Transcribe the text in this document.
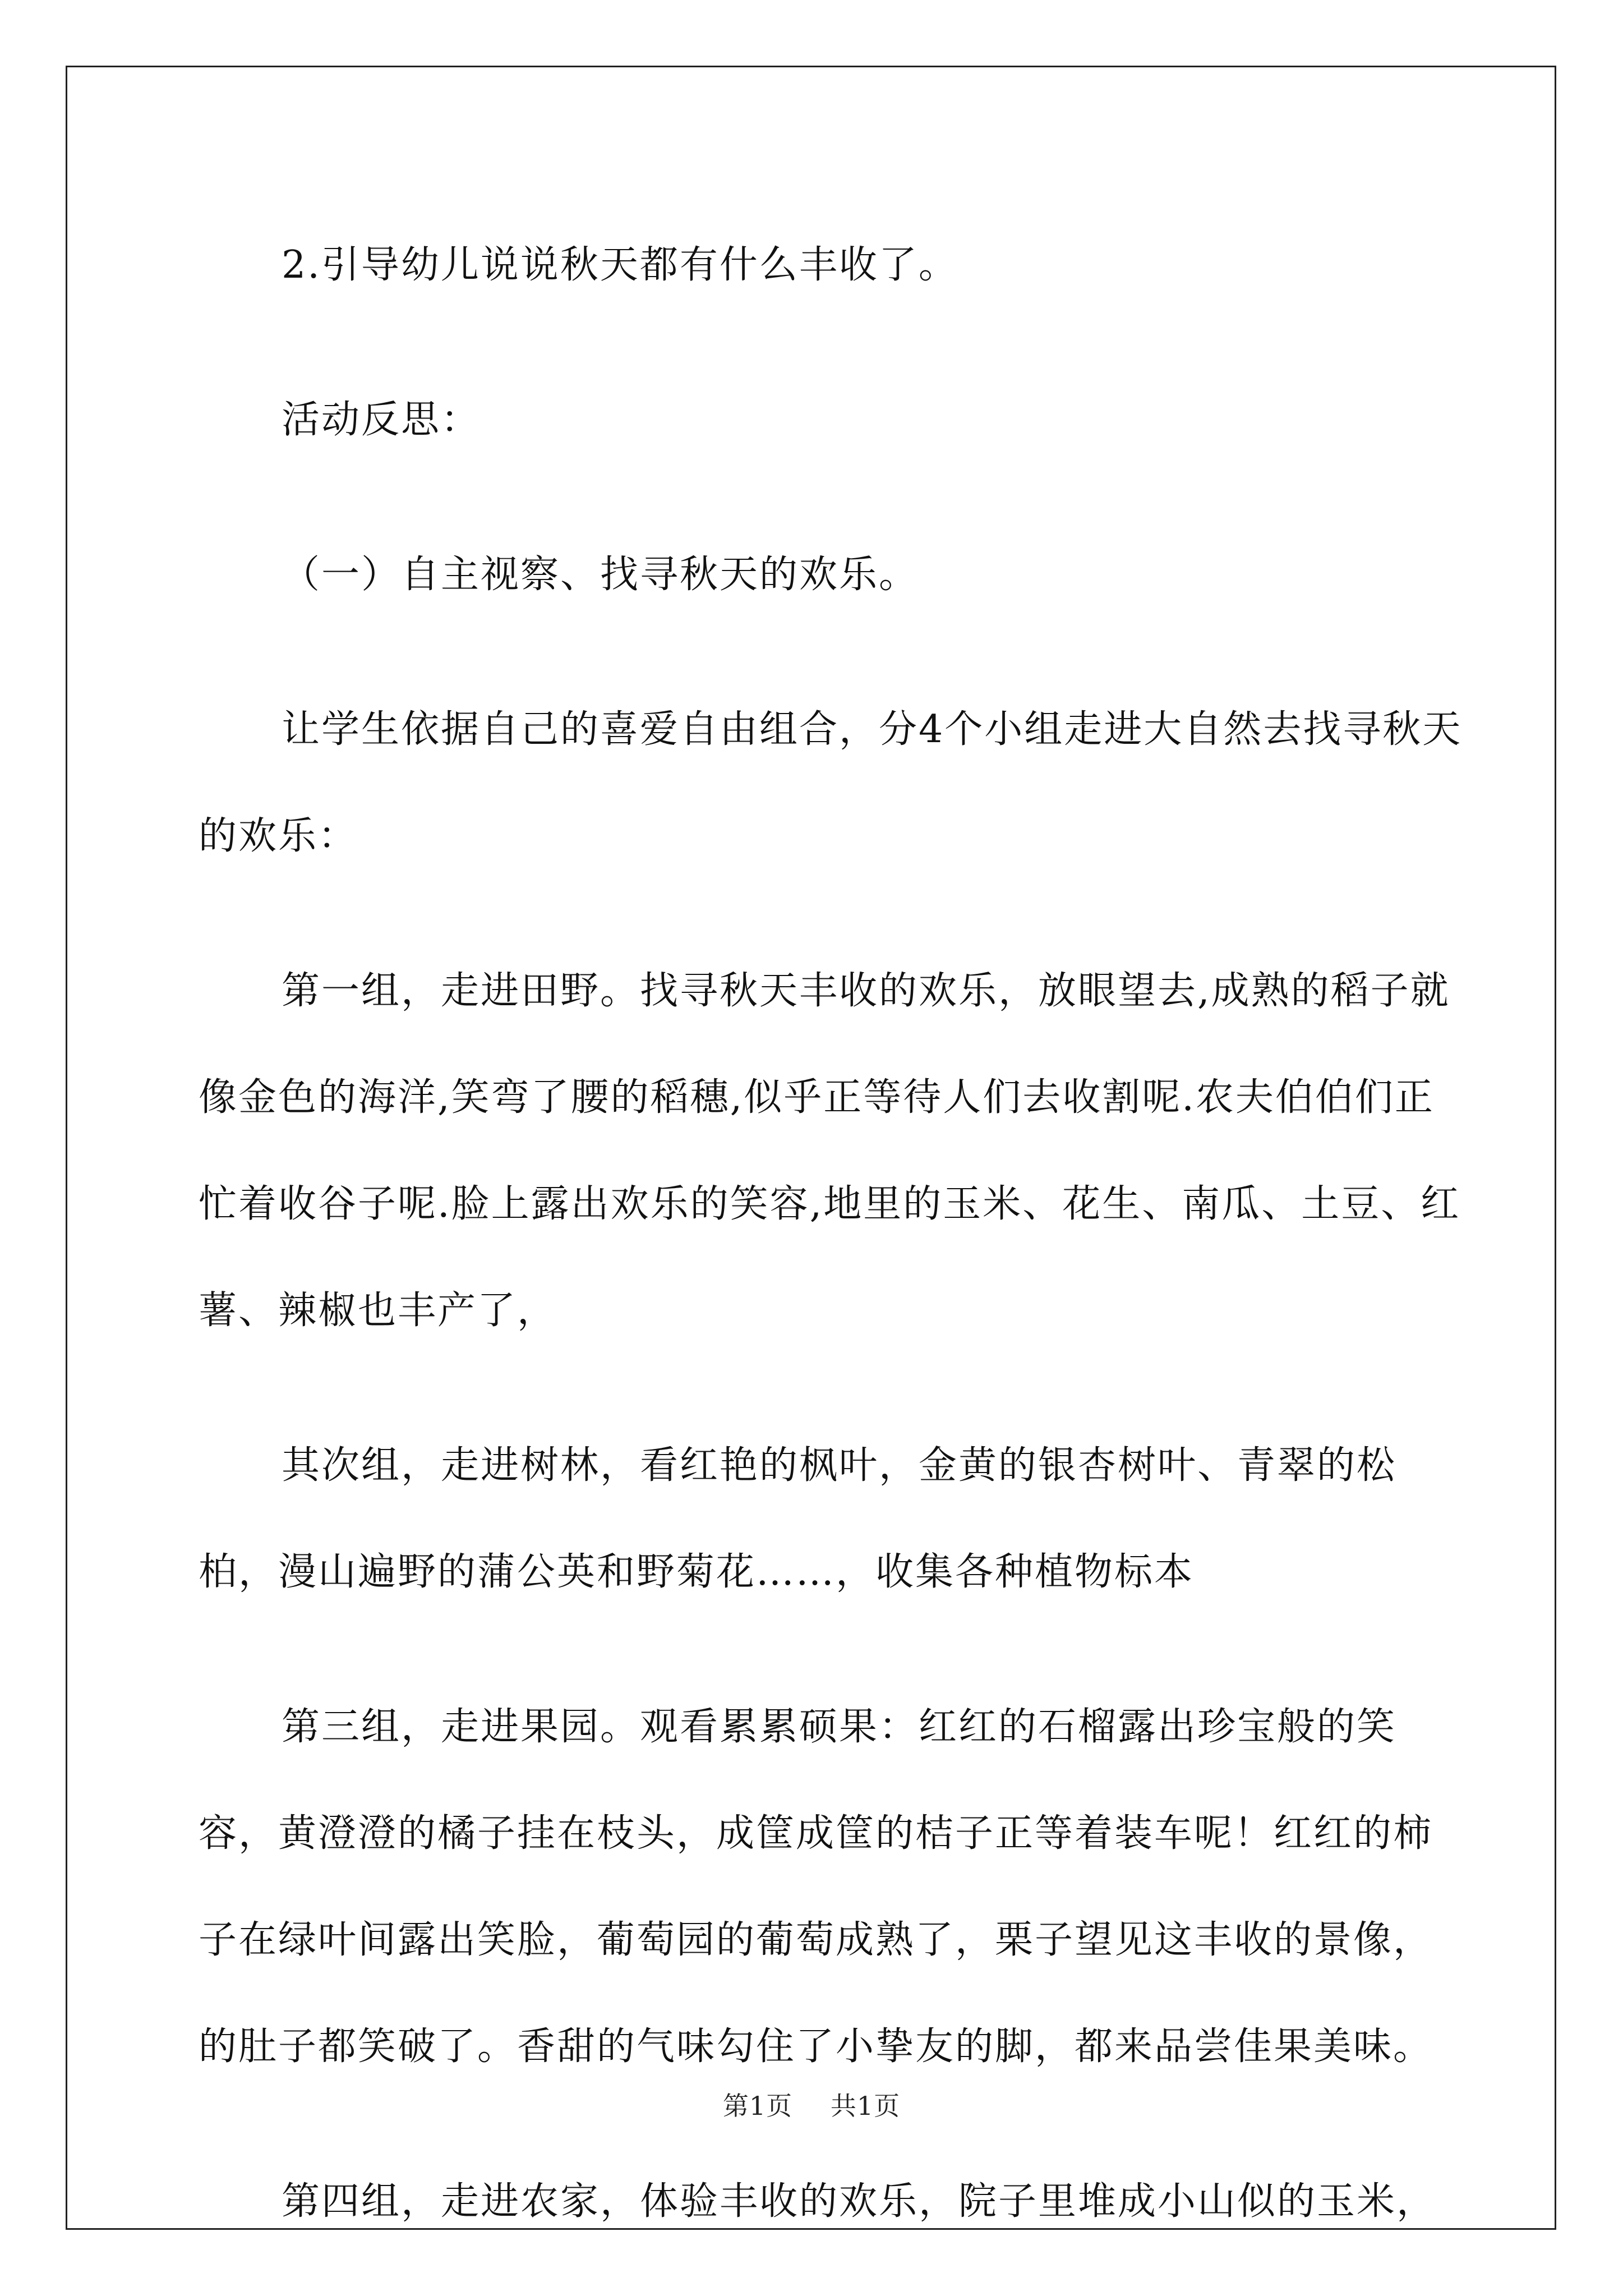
2.引导幼儿说说秋天都有什么丰收了。

活动反思：

（一）自主视察、找寻秋天的欢乐。

让学生依据自己的喜爱自由组合，分4个小组走进大自然去找寻秋天的欢乐：

第一组，走进田野。找寻秋天丰收的欢乐，放眼望去,成熟的稻子就像金色的海洋,笑弯了腰的稻穗,似乎正等待人们去收割呢.农夫伯伯们正忙着收谷子呢.脸上露出欢乐的笑容,地里的玉米、花生、南瓜、土豆、红薯、辣椒也丰产了，

其次组，走进树林，看红艳的枫叶，金黄的银杏树叶、青翠的松柏，漫山遍野的蒲公英和野菊花……，收集各种植物标本

第三组，走进果园。观看累累硕果：红红的石榴露出珍宝般的笑容，黄澄澄的橘子挂在枝头，成筐成筐的桔子正等着装车呢！红红的柿子在绿叶间露出笑脸，葡萄园的葡萄成熟了，栗子望见这丰收的景像，的肚子都笑破了。香甜的气味勾住了小挚友的脚，都来品尝佳果美味。

第四组，走进农家，体验丰收的欢乐，院子里堆成小山似的玉米，

第1页 共1页
